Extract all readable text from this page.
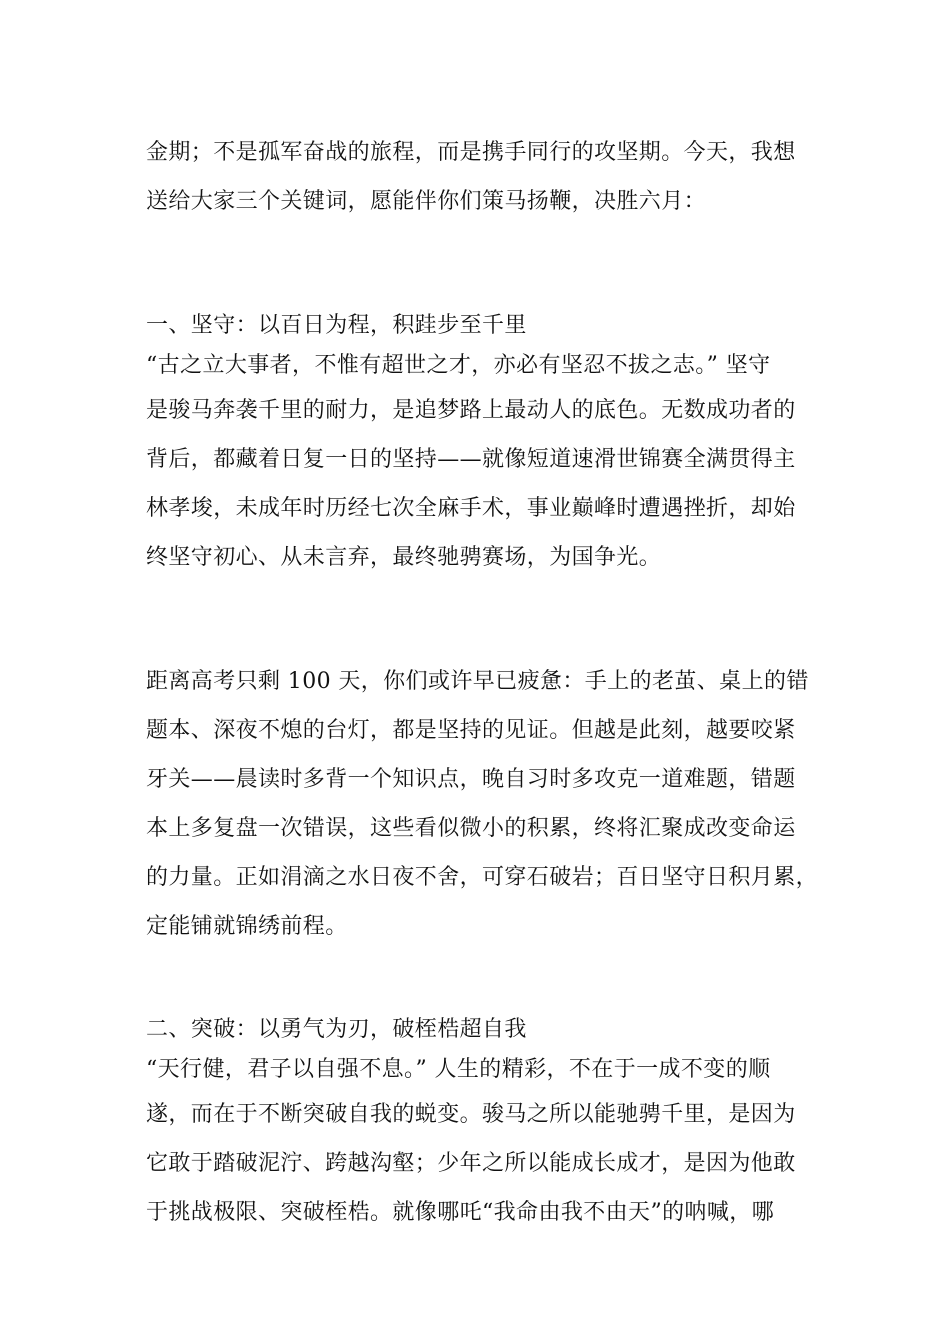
金期；不是孤军奋战的旅程，而是携手同行的攻坚期。今天，我想
送给大家三个关键词，愿能伴你们策马扬鞭，决胜六月：
一、坚守：以百日为程，积跬步至千里
“古之立大事者，不惟有超世之才，亦必有坚忍不拔之志。” 坚守
是骏马奔袭千里的耐力，是追梦路上最动人的底色。无数成功者的
背后，都藏着日复一日的坚持——就像短道速滑世锦赛全满贯得主
林孝埈，未成年时历经七次全麻手术，事业巅峰时遭遇挫折，却始
终坚守初心、从未言弃，最终驰骋赛场，为国争光。
距离高考只剩 100 天，你们或许早已疲惫：手上的老茧、桌上的错
题本、深夜不熄的台灯，都是坚持的见证。但越是此刻，越要咬紧
牙关——晨读时多背一个知识点，晚自习时多攻克一道难题，错题
本上多复盘一次错误，这些看似微小的积累，终将汇聚成改变命运
的力量。正如涓滴之水日夜不舍，可穿石破岩；百日坚守日积月累，
定能铺就锦绣前程。
二、突破：以勇气为刃，破桎梏超自我
“天行健，君子以自强不息。” 人生的精彩，不在于一成不变的顺
遂，而在于不断突破自我的蜕变。骏马之所以能驰骋千里，是因为
它敢于踏破泥泞、跨越沟壑；少年之所以能成长成才，是因为他敢
于挑战极限、突破桎梏。就像哪吒“我命由我不由天”的呐喊，哪
